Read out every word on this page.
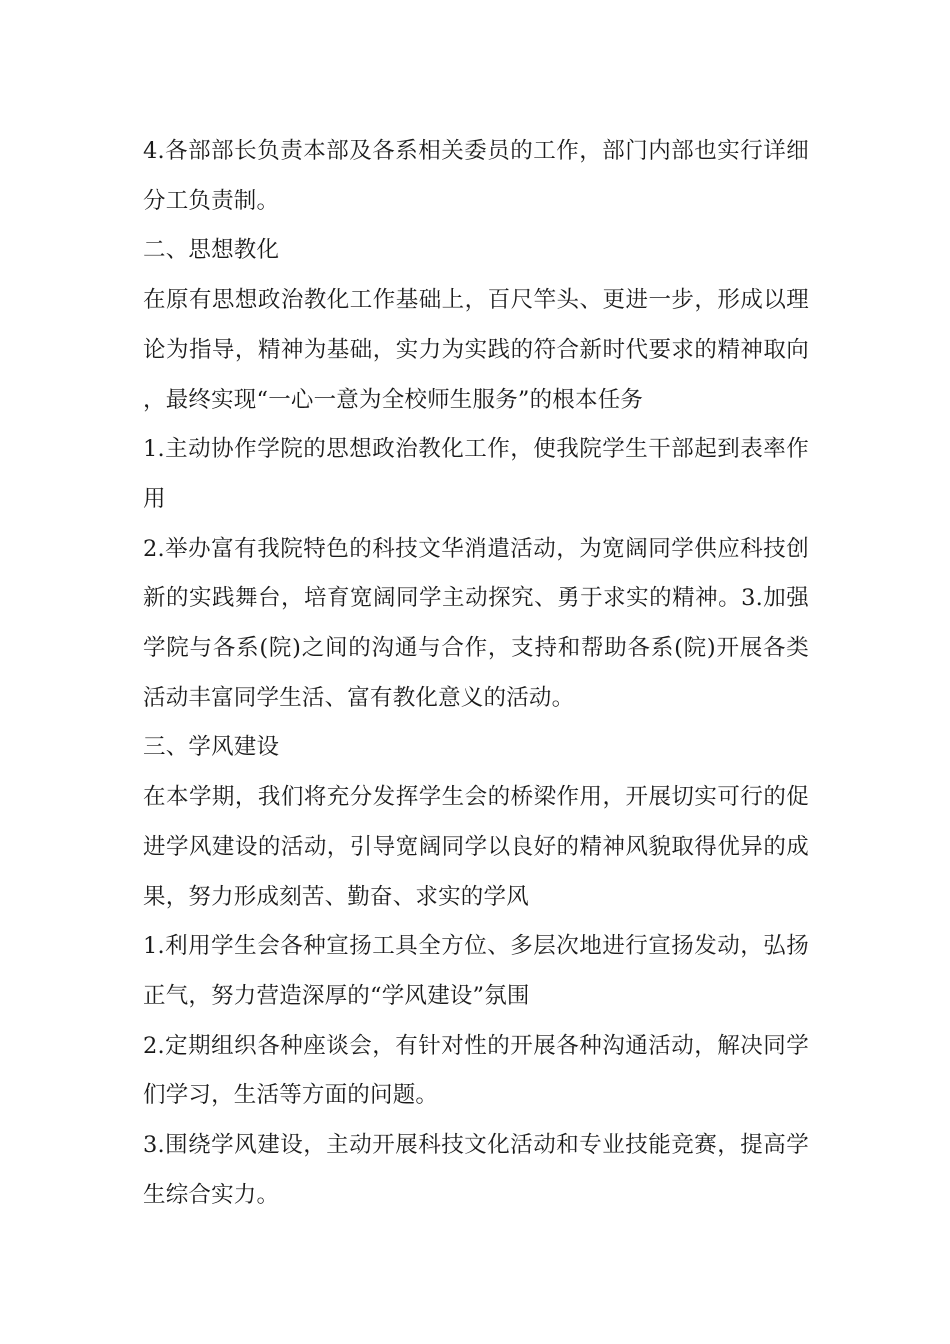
4.各部部长负责本部及各系相关委员的工作，部门内部也实行详细分工负责制。

二、思想教化

在原有思想政治教化工作基础上，百尺竿头、更进一步，形成以理论为指导，精神为基础，实力为实践的符合新时代要求的精神取向，最终实现“一心一意为全校师生服务”的根本任务

1.主动协作学院的思想政治教化工作，使我院学生干部起到表率作用

2.举办富有我院特色的科技文华消遣活动，为宽阔同学供应科技创新的实践舞台，培育宽阔同学主动探究、勇于求实的精神。3.加强学院与各系(院)之间的沟通与合作，支持和帮助各系(院)开展各类活动丰富同学生活、富有教化意义的活动。

三、学风建设

在本学期，我们将充分发挥学生会的桥梁作用，开展切实可行的促进学风建设的活动，引导宽阔同学以良好的精神风貌取得优异的成果，努力形成刻苦、勤奋、求实的学风

1.利用学生会各种宣扬工具全方位、多层次地进行宣扬发动，弘扬正气，努力营造深厚的“学风建设”氛围

2.定期组织各种座谈会，有针对性的开展各种沟通活动，解决同学们学习，生活等方面的问题。

3.围绕学风建设，主动开展科技文化活动和专业技能竞赛，提高学生综合实力。
